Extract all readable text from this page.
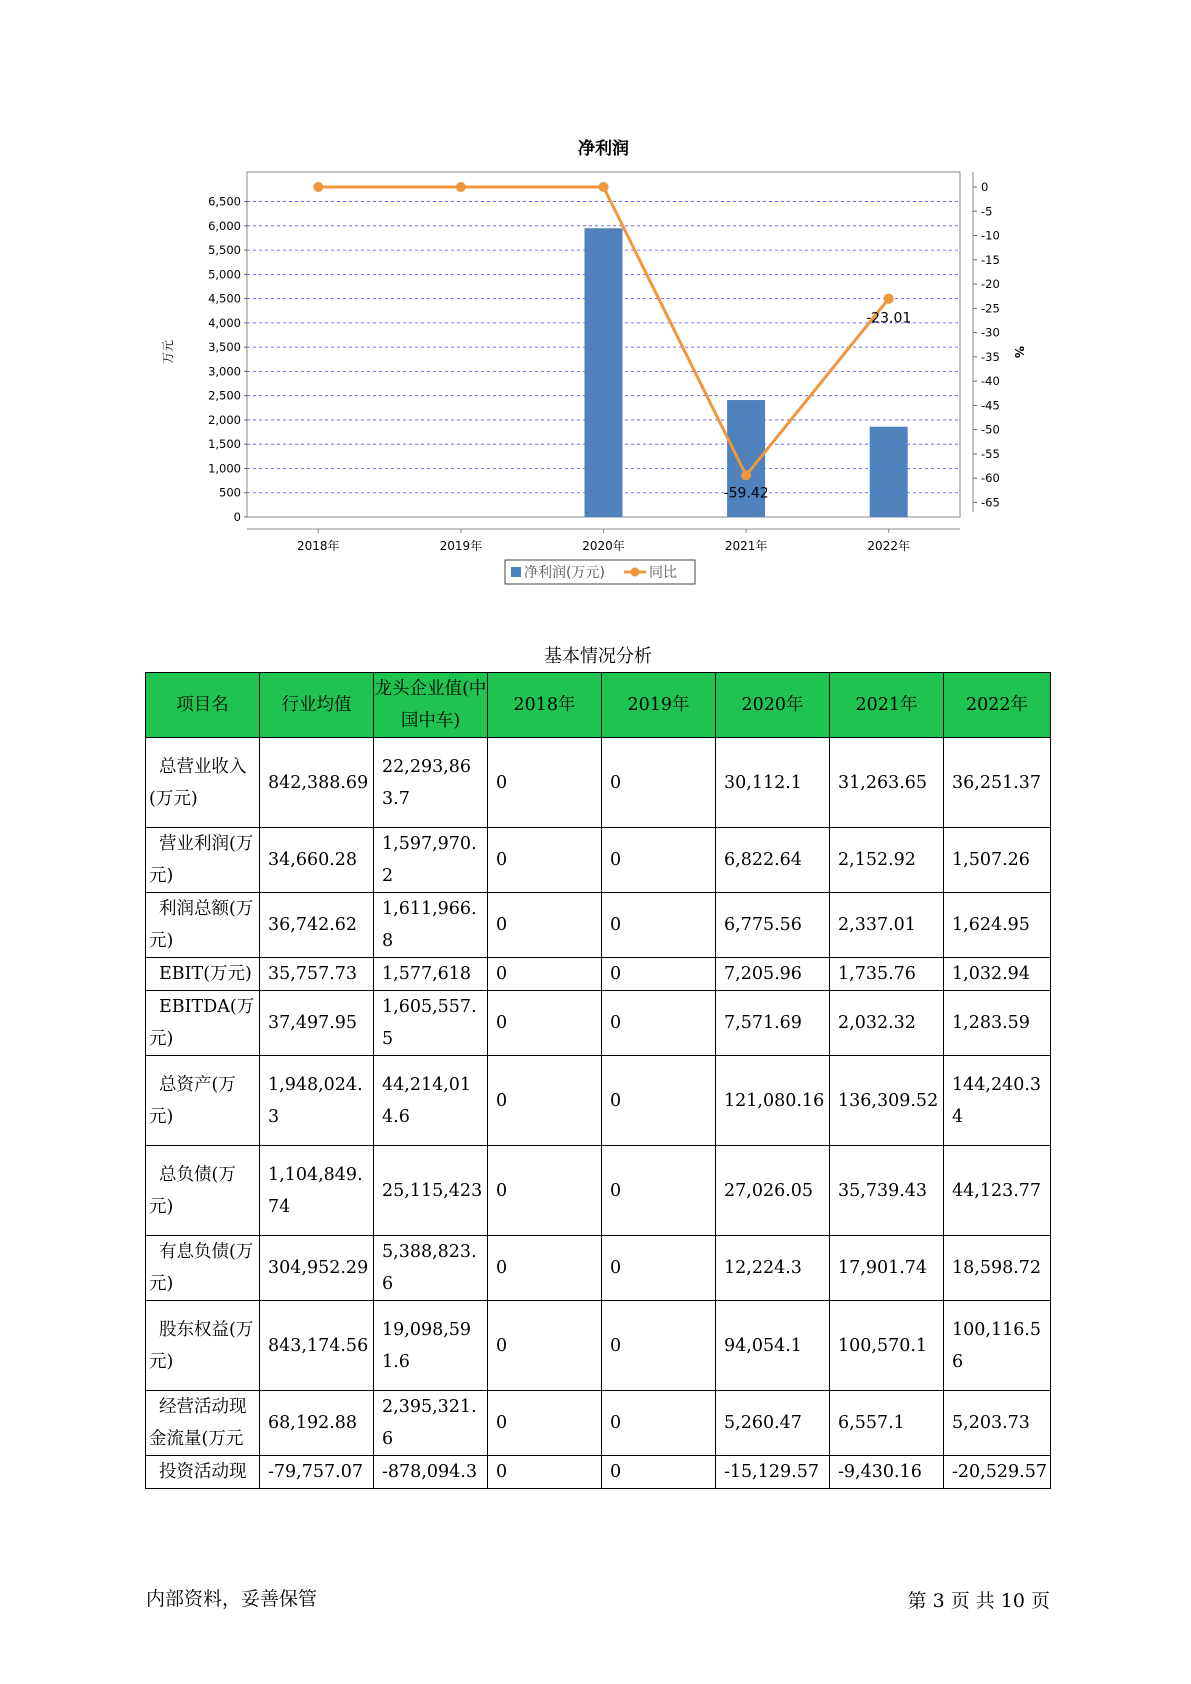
净利润
0
500
1,000
1,500
2,000
2,500
3,000
3,500
4,000
4,500
5,000
5,500
6,000
6,500
万元
0
-5
-10
-15
-20
-25
-30
-35
-40
-45
-50
-55
-60
-65
%
2018年	2019年	2020年	2021年	2022年
-59.42
-23.01
净利润(万元)	同比
基本情况分析
项目名	行业均值	龙头企业值(中国中车)	2018年	2019年	2020年	2021年	2022年
总营业收入(万元)	842,388.69	22,293,863.7	0	0	30,112.1	31,263.65	36,251.37
营业利润(万元)	34,660.28	1,597,970.2	0	0	6,822.64	2,152.92	1,507.26
利润总额(万元)	36,742.62	1,611,966.8	0	0	6,775.56	2,337.01	1,624.95
EBIT(万元)	35,757.73	1,577,618	0	0	7,205.96	1,735.76	1,032.94
EBITDA(万元)	37,497.95	1,605,557.5	0	0	7,571.69	2,032.32	1,283.59
总资产(万元)	1,948,024.3	44,214,014.6	0	0	121,080.16	136,309.52	144,240.34
总负债(万元)	1,104,849.74	25,115,423	0	0	27,026.05	35,739.43	44,123.77
有息负债(万元)	304,952.29	5,388,823.6	0	0	12,224.3	17,901.74	18,598.72
股东权益(万元)	843,174.56	19,098,591.6	0	0	94,054.1	100,570.1	100,116.56
经营活动现金流量(万元	68,192.88	2,395,321.6	0	0	5,260.47	6,557.1	5,203.73
投资活动现	-79,757.07	-878,094.3	0	0	-15,129.57	-9,430.16	-20,529.57
内部资料，妥善保管	第 3 页 共 10 页
